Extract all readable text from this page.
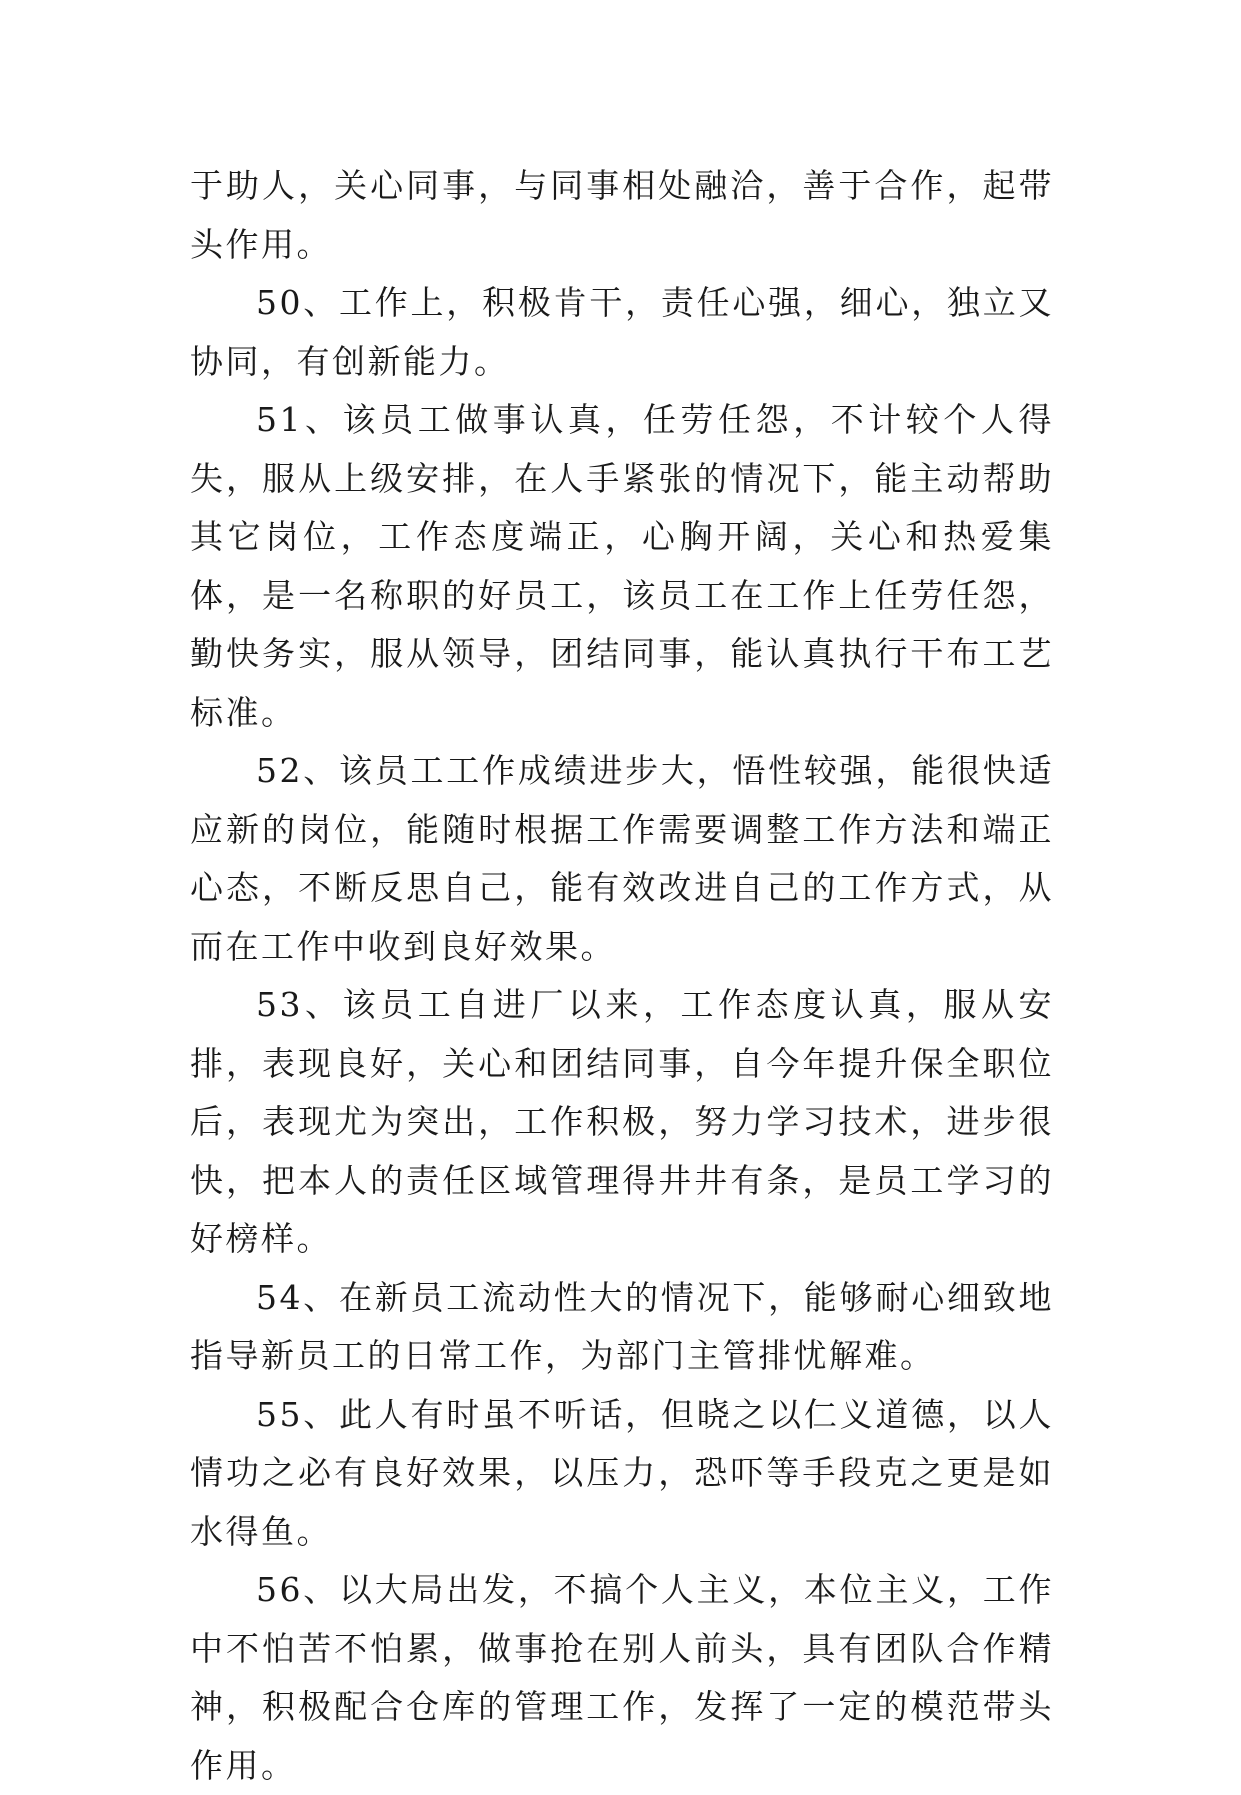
于助人，关心同事，与同事相处融洽，善于合作，起带头作用。

50、工作上，积极肯干，责任心强，细心，独立又协同，有创新能力。

51、该员工做事认真，任劳任怨，不计较个人得失，服从上级安排，在人手紧张的情况下，能主动帮助其它岗位，工作态度端正，心胸开阔，关心和热爱集体，是一名称职的好员工，该员工在工作上任劳任怨，勤快务实，服从领导，团结同事，能认真执行干布工艺标准。

52、该员工工作成绩进步大，悟性较强，能很快适应新的岗位，能随时根据工作需要调整工作方法和端正心态，不断反思自己，能有效改进自己的工作方式，从而在工作中收到良好效果。

53、该员工自进厂以来，工作态度认真，服从安排，表现良好，关心和团结同事，自今年提升保全职位后，表现尤为突出，工作积极，努力学习技术，进步很快，把本人的责任区域管理得井井有条，是员工学习的好榜样。

54、在新员工流动性大的情况下，能够耐心细致地指导新员工的日常工作，为部门主管排忧解难。

55、此人有时虽不听话，但晓之以仁义道德，以人情功之必有良好效果，以压力，恐吓等手段克之更是如水得鱼。

56、以大局出发，不搞个人主义，本位主义，工作中不怕苦不怕累，做事抢在别人前头，具有团队合作精神，积极配合仓库的管理工作，发挥了一定的模范带头作用。
